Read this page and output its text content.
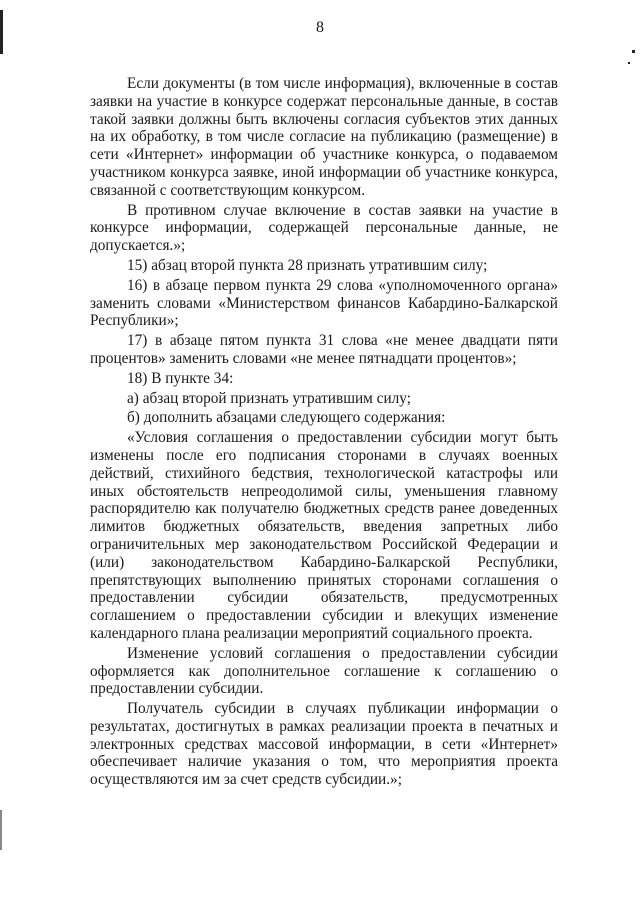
8

Если документы (в том числе информация), включенные в состав заявки на участие в конкурсе содержат персональные данные, в состав такой заявки должны быть включены согласия субъектов этих данных на их обработку, в том числе согласие на публикацию (размещение) в сети «Интернет» информации об участнике конкурса, о подаваемом участником конкурса заявке, иной информации об участнике конкурса, связанной с соответствующим конкурсом.

В противном случае включение в состав заявки на участие в конкурсе информации, содержащей персональные данные, не допускается.»;

15) абзац второй пункта 28 признать утратившим силу;

16) в абзаце первом пункта 29 слова «уполномоченного органа» заменить словами «Министерством финансов Кабардино-Балкарской Республики»;

17) в абзаце пятом пункта 31 слова «не менее двадцати пяти процентов» заменить словами «не менее пятнадцати процентов»;

18) В пункте 34:

а) абзац второй признать утратившим силу;

б) дополнить абзацами следующего содержания:

«Условия соглашения о предоставлении субсидии могут быть изменены после его подписания сторонами в случаях военных действий, стихийного бедствия, технологической катастрофы или иных обстоятельств непреодолимой силы, уменьшения главному распорядителю как получателю бюджетных средств ранее доведенных лимитов бюджетных обязательств, введения запретных либо ограничительных мер законодательством Российской Федерации и (или) законодательством Кабардино-Балкарской Республики, препятствующих выполнению принятых сторонами соглашения о предоставлении субсидии обязательств, предусмотренных соглашением о предоставлении субсидии и влекущих изменение календарного плана реализации мероприятий социального проекта.

Изменение условий соглашения о предоставлении субсидии оформляется как дополнительное соглашение к соглашению о предоставлении субсидии.

Получатель субсидии в случаях публикации информации о результатах, достигнутых в рамках реализации проекта в печатных и электронных средствах массовой информации, в сети «Интернет» обеспечивает наличие указания о том, что мероприятия проекта осуществляются им за счет средств субсидии.»;
